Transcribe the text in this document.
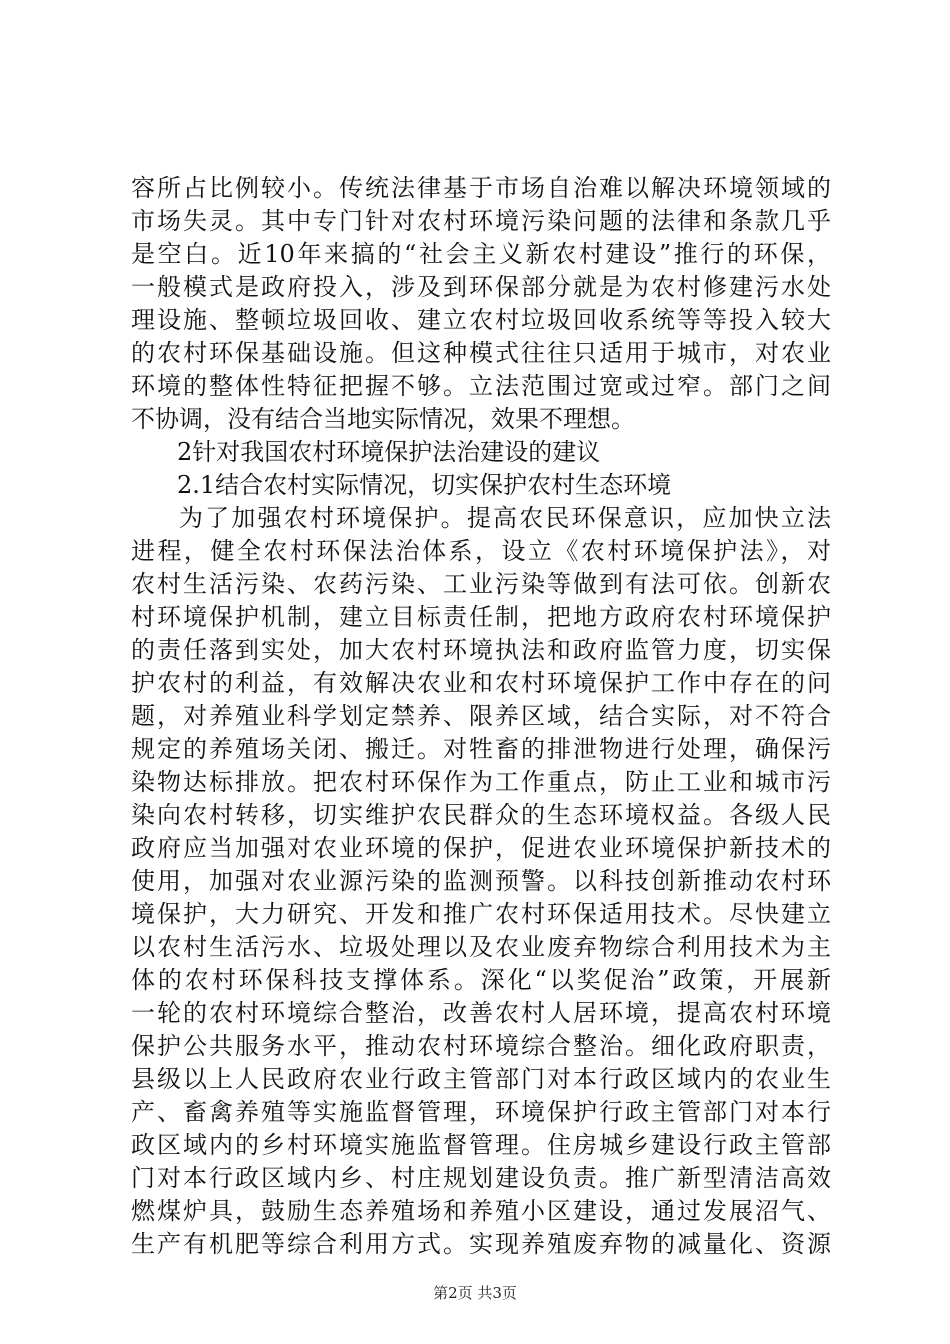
容所占比例较小。传统法律基于市场自治难以解决环境领域的
市场失灵。其中专门针对农村环境污染问题的法律和条款几乎
是空白。近10年来搞的“社会主义新农村建设”推行的环保，
一般模式是政府投入，涉及到环保部分就是为农村修建污水处
理设施、整顿垃圾回收、建立农村垃圾回收系统等等投入较大
的农村环保基础设施。但这种模式往往只适用于城市，对农业
环境的整体性特征把握不够。立法范围过宽或过窄。部门之间
不协调，没有结合当地实际情况，效果不理想。
2针对我国农村环境保护法治建设的建议
2.1结合农村实际情况，切实保护农村生态环境
为了加强农村环境保护。提高农民环保意识，应加快立法
进程，健全农村环保法治体系，设立《农村环境保护法》，对
农村生活污染、农药污染、工业污染等做到有法可依。创新农
村环境保护机制，建立目标责任制，把地方政府农村环境保护
的责任落到实处，加大农村环境执法和政府监管力度，切实保
护农村的利益，有效解决农业和农村环境保护工作中存在的问
题，对养殖业科学划定禁养、限养区域，结合实际，对不符合
规定的养殖场关闭、搬迁。对牲畜的排泄物进行处理，确保污
染物达标排放。把农村环保作为工作重点，防止工业和城市污
染向农村转移，切实维护农民群众的生态环境权益。各级人民
政府应当加强对农业环境的保护，促进农业环境保护新技术的
使用，加强对农业源污染的监测预警。以科技创新推动农村环
境保护，大力研究、开发和推广农村环保适用技术。尽快建立
以农村生活污水、垃圾处理以及农业废弃物综合利用技术为主
体的农村环保科技支撑体系。深化“以奖促治”政策，开展新
一轮的农村环境综合整治，改善农村人居环境，提高农村环境
保护公共服务水平，推动农村环境综合整治。细化政府职责，
县级以上人民政府农业行政主管部门对本行政区域内的农业生
产、畜禽养殖等实施监督管理，环境保护行政主管部门对本行
政区域内的乡村环境实施监督管理。住房城乡建设行政主管部
门对本行政区域内乡、村庄规划建设负责。推广新型清洁高效
燃煤炉具，鼓励生态养殖场和养殖小区建设，通过发展沼气、
生产有机肥等综合利用方式。实现养殖废弃物的减量化、资源
第2页 共3页
